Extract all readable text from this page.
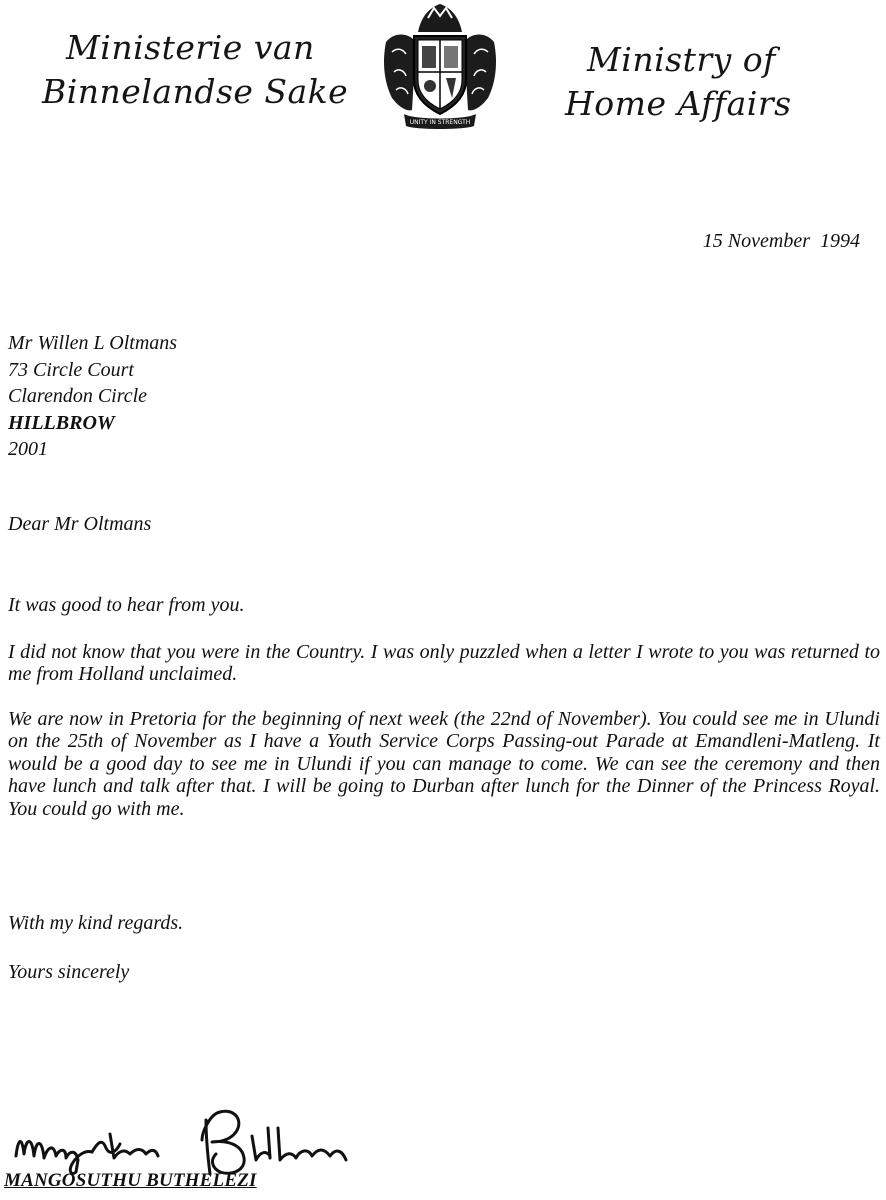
Ministerie van
Binnelandse Sake
UNITY IN STRENGTH
Ministry of
Home Affairs
15 November  1994
Mr Willen L Oltmans
73 Circle Court
Clarendon Circle
HILLBROW
2001
Dear Mr Oltmans

It was good to hear from you.

I did not know that you were in the Country. I was only puzzled when a letter I wrote to you was returned to me from Holland unclaimed.

We are now in Pretoria for the beginning of next week (the 22nd of November). You could see me in Ulundi on the 25th of November as I have a Youth Service Corps Passing-out Parade at Emandleni-Matleng. It would be a good day to see me in Ulundi if you can manage to come. We can see the ceremony and then have lunch and talk after that. I will be going to Durban after lunch for the Dinner of the Princess Royal. You could go with me.

With my kind regards.
Yours sincerely
MANGOSUTHU BUTHELEZI
